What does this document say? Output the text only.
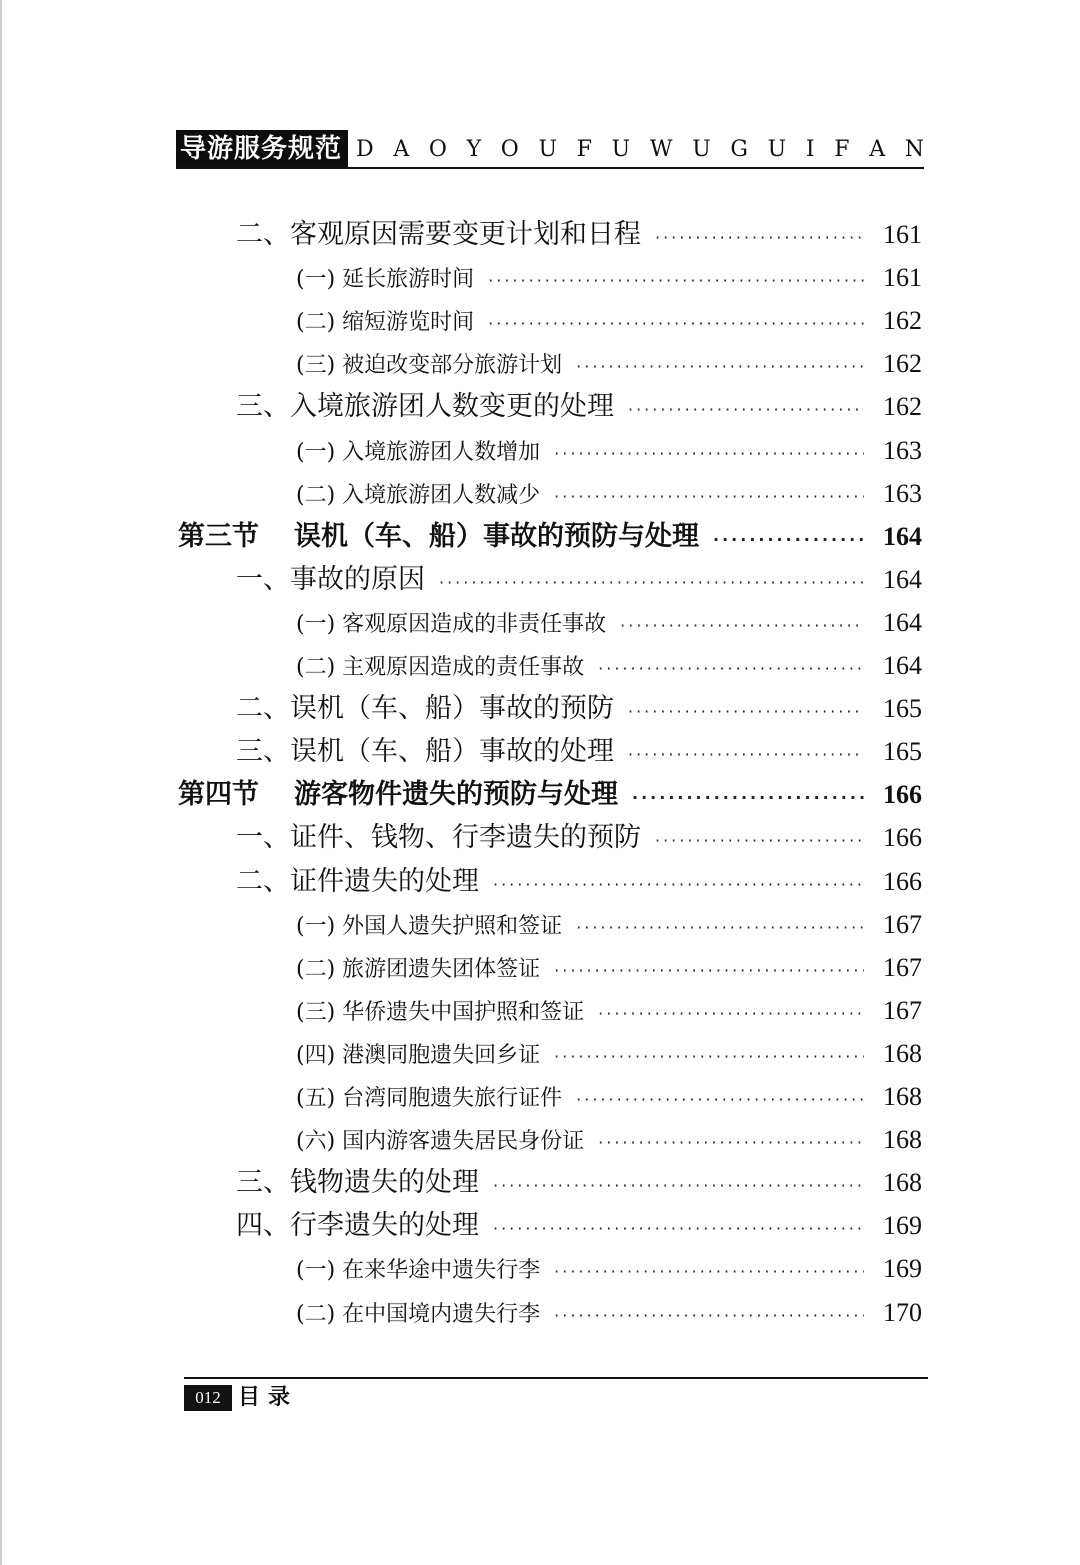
导游服务规范 D A O Y O U F U W U G U I F A N
二、客观原因需要变更计划和日程 ·····	161
(一) 延长旅游时间 ·····	161
(二) 缩短游览时间 ·····	162
(三) 被迫改变部分旅游计划 ·····	162
三、入境旅游团人数变更的处理 ·····	162
(一) 入境旅游团人数增加 ·····	163
(二) 入境旅游团人数减少 ·····	163
第三节 误机（车、船）事故的预防与处理 ·····	164
一、事故的原因 ·····	164
(一) 客观原因造成的非责任事故 ·····	164
(二) 主观原因造成的责任事故 ·····	164
二、误机（车、船）事故的预防 ·····	165
三、误机（车、船）事故的处理 ·····	165
第四节 游客物件遗失的预防与处理 ·····	166
一、证件、钱物、行李遗失的预防 ·····	166
二、证件遗失的处理 ·····	166
(一) 外国人遗失护照和签证 ·····	167
(二) 旅游团遗失团体签证 ·····	167
(三) 华侨遗失中国护照和签证 ·····	167
(四) 港澳同胞遗失回乡证 ·····	168
(五) 台湾同胞遗失旅行证件 ·····	168
(六) 国内游客遗失居民身份证 ·····	168
三、钱物遗失的处理 ·····	168
四、行李遗失的处理 ·····	169
(一) 在来华途中遗失行李 ·····	169
(二) 在中国境内遗失行李 ·····	170
012 目录
